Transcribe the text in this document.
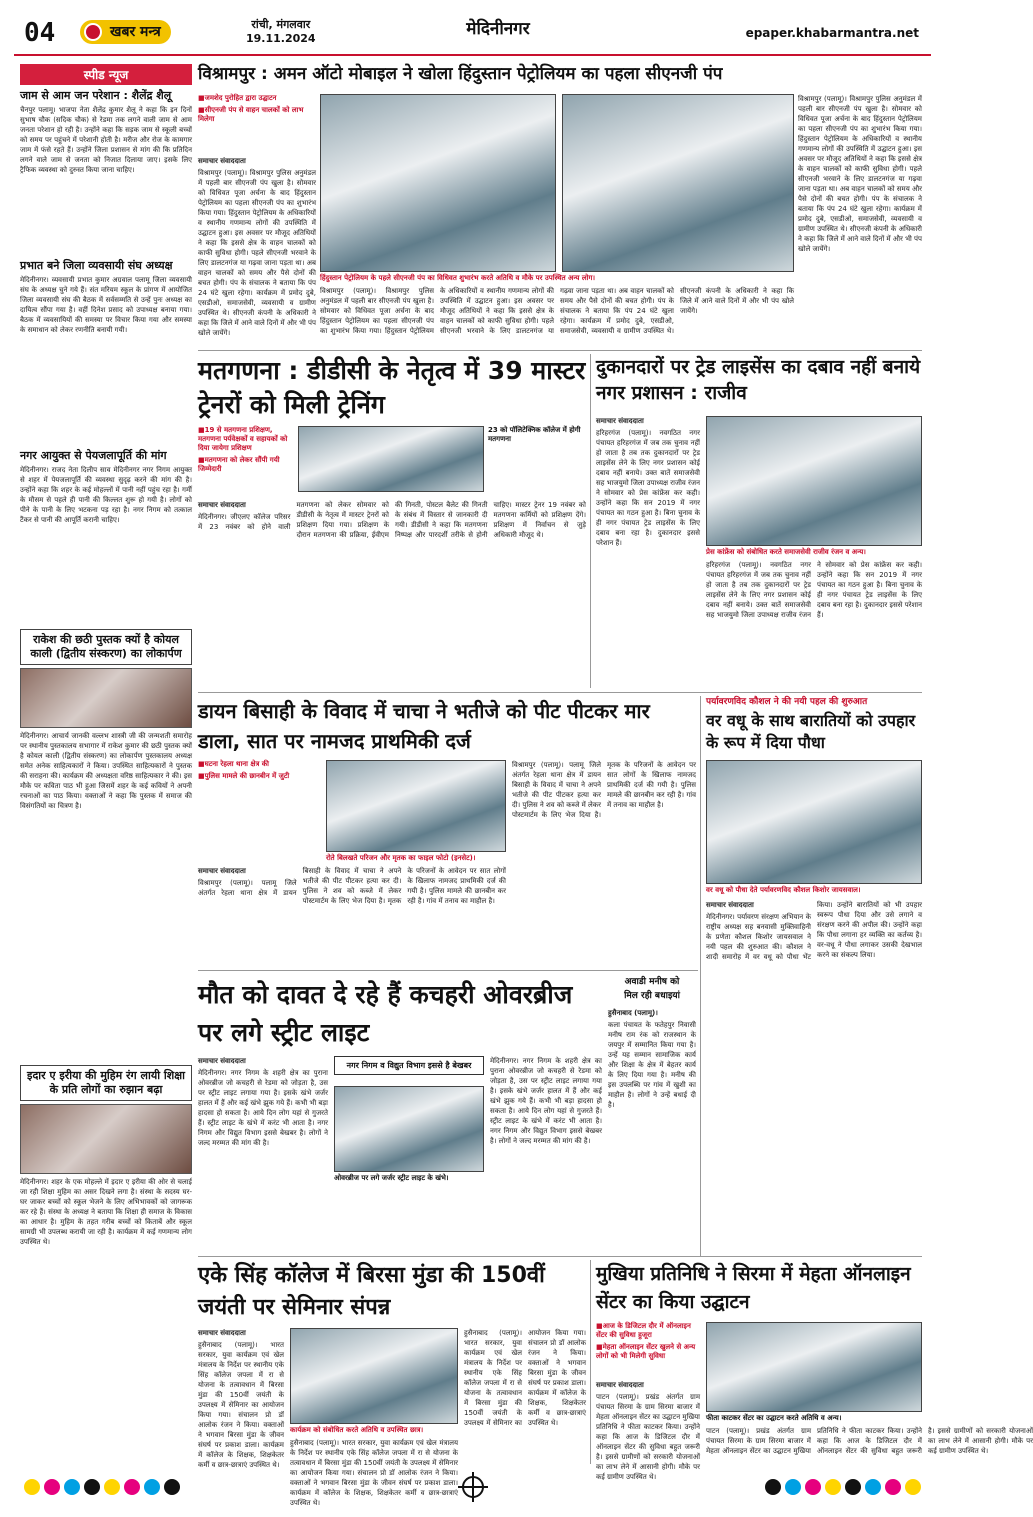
04	खबर मन्त्र	रांची, मंगलवार
19.11.2024	मेदिनीनगर	epaper.khabarmantra.net
स्पीड न्यूज
जाम से आम जन परेशान : शैलेंद्र शैलू
चैनपुर पलामू। भाजपा नेता शैलेंद्र कुमार शैलू ने कहा कि इन दिनों सुभाष चौक (सदिक चौक) से रेडमा तक लगने वाली जाम से आम जनता परेशान हो रही है। उन्होंने कहा कि सड़क जाम से स्कूली बच्चों को समय पर पहुंचने में परेशानी होती है। मरीज और रोज के कामगार जाम में फंसे रहते हैं। उन्होंने जिला प्रशासन से मांग की कि प्रतिदिन लगने वाले जाम से जनता को निजात दिलाया जाए। इसके लिए ट्रैफिक व्यवस्था को दुरुस्त किया जाना चाहिए।
प्रभात बने जिला व्यवसायी संघ अध्यक्ष
मेदिनीनगर। व्यवसायी प्रभात कुमार अग्रवाल पलामू जिला व्यवसायी संघ के अध्यक्ष चुने गये हैं। संत मरियम स्कूल के प्रांगण में आयोजित जिला व्यवसायी संघ की बैठक में सर्वसम्मति से उन्हें पुनः अध्यक्ष का दायित्व सौंपा गया है। वहीं दिनेश प्रसाद को उपाध्यक्ष बनाया गया। बैठक में व्यवसायियों की समस्या पर विचार किया गया और समस्या के समाधान को लेकर रणनीति बनायी गयी।
नगर आयुक्त से पेयजलापूर्ति की मांग
मेदिनीनगर। राजद नेता दिलीप साव मेदिनीनगर नगर निगम आयुक्त से शहर में पेयजलापूर्ति की व्यवस्था सुदृढ़ करने की मांग की है। उन्होंने कहा कि शहर के कई मोहल्लों में पानी नहीं पहुंच रहा है। गर्मी के मौसम से पहले ही पानी की किल्लत शुरू हो गयी है। लोगों को पीने के पानी के लिए भटकना पड़ रहा है। नगर निगम को तत्काल टैंकर से पानी की आपूर्ति करानी चाहिए।
राकेश की छठी पुस्तक क्यों है कोयल काली (द्वितीय संस्करण) का लोकार्पण
मेदिनीनगर। आचार्य जानकी वल्लभ शास्त्री जी की जन्मशती समारोह पर स्थानीय पुस्तकालय सभागार में राकेश कुमार की छठी पुस्तक क्यों है कोयल काली (द्वितीय संस्करण) का लोकार्पण पुस्तकालय अध्यक्ष समेत अनेक साहित्यकारों ने किया। उपस्थित साहित्यकारों ने पुस्तक की सराहना की। कार्यक्रम की अध्यक्षता वरिष्ठ साहित्यकार ने की। इस मौके पर कविता पाठ भी हुआ जिसमें शहर के कई कवियों ने अपनी रचनाओं का पाठ किया। वक्ताओं ने कहा कि पुस्तक में समाज की विसंगतियों का चित्रण है।
इदार ए इरीया की मुहिम रंग लायी शिक्षा के प्रति लोगों का रुझान बढ़ा
मेदिनीनगर। शहर के एक मोहल्ले में इदार ए इरीया की ओर से चलाई जा रही शिक्षा मुहिम का असर दिखने लगा है। संस्था के सदस्य घर-घर जाकर बच्चों को स्कूल भेजने के लिए अभिभावकों को जागरूक कर रहे हैं। संस्था के अध्यक्ष ने बताया कि शिक्षा ही समाज के विकास का आधार है। मुहिम के तहत गरीब बच्चों को किताबें और स्कूल सामग्री भी उपलब्ध करायी जा रही है। कार्यक्रम में कई गणमान्य लोग उपस्थित थे।
विश्रामपुर : अमन ऑटो मोबाइल ने खोला हिंदुस्तान पेट्रोलियम का पहला सीएनजी पंप
■ जमशेद पुरोहित द्वारा उद्घाटन
■ सीएनजी पंप से वाहन चालकों को लाभ मिलेगा
समाचार संवाददाता
विश्रामपुर (पलामू)। विश्रामपुर पुलिस अनुमंडल में पहली बार सीएनजी पंप खुला है। सोमवार को विधिवत पूजा अर्चना के बाद हिंदुस्तान पेट्रोलियम का पहला सीएनजी पंप का शुभारंभ किया गया। हिंदुस्तान पेट्रोलियम के अधिकारियों व स्थानीय गणमान्य लोगों की उपस्थिति में उद्घाटन हुआ। इस अवसर पर मौजूद अतिथियों ने कहा कि इससे क्षेत्र के वाहन चालकों को काफी सुविधा होगी। पहले सीएनजी भरवाने के लिए डालटनगंज या गढ़वा जाना पड़ता था। अब वाहन चालकों को समय और पैसे दोनों की बचत होगी। पंप के संचालक ने बताया कि पंप 24 घंटे खुला रहेगा। कार्यक्रम में प्रमोद दुबे, एसडीओ, समाजसेवी, व्यवसायी व ग्रामीण उपस्थित थे। सीएनजी कंपनी के अधिकारी ने कहा कि जिले में आने वाले दिनों में और भी पंप खोले जायेंगे।
हिंदुस्तान पेट्रोलियम के पहले सीएनजी पंप का विधिवत शुभारंभ करते अतिथि व मौके पर उपस्थित अन्य लोग।
विश्रामपुर (पलामू)। विश्रामपुर पुलिस अनुमंडल में पहली बार सीएनजी पंप खुला है। सोमवार को विधिवत पूजा अर्चना के बाद हिंदुस्तान पेट्रोलियम का पहला सीएनजी पंप का शुभारंभ किया गया। हिंदुस्तान पेट्रोलियम के अधिकारियों व स्थानीय गणमान्य लोगों की उपस्थिति में उद्घाटन हुआ। इस अवसर पर मौजूद अतिथियों ने कहा कि इससे क्षेत्र के वाहन चालकों को काफी सुविधा होगी। पहले सीएनजी भरवाने के लिए डालटनगंज या गढ़वा जाना पड़ता था। अब वाहन चालकों को समय और पैसे दोनों की बचत होगी। पंप के संचालक ने बताया कि पंप 24 घंटे खुला रहेगा। कार्यक्रम में प्रमोद दुबे, एसडीओ, समाजसेवी, व्यवसायी व ग्रामीण उपस्थित थे। सीएनजी कंपनी के अधिकारी ने कहा कि जिले में आने वाले दिनों में और भी पंप खोले जायेंगे।
विश्रामपुर (पलामू)। विश्रामपुर पुलिस अनुमंडल में पहली बार सीएनजी पंप खुला है। सोमवार को विधिवत पूजा अर्चना के बाद हिंदुस्तान पेट्रोलियम का पहला सीएनजी पंप का शुभारंभ किया गया। हिंदुस्तान पेट्रोलियम के अधिकारियों व स्थानीय गणमान्य लोगों की उपस्थिति में उद्घाटन हुआ। इस अवसर पर मौजूद अतिथियों ने कहा कि इससे क्षेत्र के वाहन चालकों को काफी सुविधा होगी। पहले सीएनजी भरवाने के लिए डालटनगंज या गढ़वा जाना पड़ता था। अब वाहन चालकों को समय और पैसे दोनों की बचत होगी। पंप के संचालक ने बताया कि पंप 24 घंटे खुला रहेगा। कार्यक्रम में प्रमोद दुबे, एसडीओ, समाजसेवी, व्यवसायी व ग्रामीण उपस्थित थे। सीएनजी कंपनी के अधिकारी ने कहा कि जिले में आने वाले दिनों में और भी पंप खोले जायेंगे।
मतगणना : डीडीसी के नेतृत्व में 39 मास्टर ट्रेनरों को मिली ट्रेनिंग
■ 19 से मतगणना प्रशिक्षण, मतगणना पर्यवेक्षकों व सहायकों को दिया जायेगा प्रशिक्षण
■ मतगणना को लेकर सौंपी गयी जिम्मेदारी
23 को पॉलिटेक्निक कॉलेज में होगी मतगणना
समाचार संवाददाता
मेदिनीनगर। जीएलए कॉलेज परिसर में 23 नवंबर को होने वाली मतगणना को लेकर सोमवार को डीडीसी के नेतृत्व में मास्टर ट्रेनरों को प्रशिक्षण दिया गया। प्रशिक्षण के दौरान मतगणना की प्रक्रिया, ईवीएम की गिनती, पोस्टल बैलेट की गिनती के संबंध में विस्तार से जानकारी दी गयी। डीडीसी ने कहा कि मतगणना निष्पक्ष और पारदर्शी तरीके से होनी चाहिए। मास्टर ट्रेनर 19 नवंबर को मतगणना कर्मियों को प्रशिक्षण देंगे। प्रशिक्षण में निर्वाचन से जुड़े अधिकारी मौजूद थे।
दुकानदारों पर ट्रेड लाइसेंस का दबाव नहीं बनाये नगर प्रशासन : राजीव
समाचार संवाददाता
हरिहरगंज (पलामू)। नवगठित नगर पंचायत हरिहरगंज में जब तक चुनाव नहीं हो जाता है तब तक दुकानदारों पर ट्रेड लाइसेंस लेने के लिए नगर प्रशासन कोई दबाव नहीं बनाये। उक्त बातें समाजसेवी सह भाजयुमो जिला उपाध्यक्ष राजीव रंजन ने सोमवार को प्रेस कांफ्रेंस कर कही। उन्होंने कहा कि सन 2019 में नगर पंचायत का गठन हुआ है। बिना चुनाव के ही नगर पंचायत ट्रेड लाइसेंस के लिए दबाव बना रहा है। दुकानदार इससे परेशान हैं।
प्रेस कांफ्रेंस को संबोधित करते समाजसेवी राजीव रंजन व अन्य।
हरिहरगंज (पलामू)। नवगठित नगर पंचायत हरिहरगंज में जब तक चुनाव नहीं हो जाता है तब तक दुकानदारों पर ट्रेड लाइसेंस लेने के लिए नगर प्रशासन कोई दबाव नहीं बनाये। उक्त बातें समाजसेवी सह भाजयुमो जिला उपाध्यक्ष राजीव रंजन ने सोमवार को प्रेस कांफ्रेंस कर कही। उन्होंने कहा कि सन 2019 में नगर पंचायत का गठन हुआ है। बिना चुनाव के ही नगर पंचायत ट्रेड लाइसेंस के लिए दबाव बना रहा है। दुकानदार इससे परेशान हैं।
डायन बिसाही के विवाद में चाचा ने भतीजे को पीट पीटकर मार डाला, सात पर नामजद प्राथमिकी दर्ज
■ घटना रेहला थाना क्षेत्र की
■ पुलिस मामले की छानबीन में जुटी
रोते बिलखते परिजन और मृतक का फाइल फोटो (इनसेट)।
समाचार संवाददाता
विश्रामपुर (पलामू)। पलामू जिले अंतर्गत रेहला थाना क्षेत्र में डायन बिसाही के विवाद में चाचा ने अपने भतीजे की पीट पीटकर हत्या कर दी। पुलिस ने शव को कब्जे में लेकर पोस्टमार्टम के लिए भेज दिया है। मृतक के परिजनों के आवेदन पर सात लोगों के खिलाफ नामजद प्राथमिकी दर्ज की गयी है। पुलिस मामले की छानबीन कर रही है। गांव में तनाव का माहौल है।
विश्रामपुर (पलामू)। पलामू जिले अंतर्गत रेहला थाना क्षेत्र में डायन बिसाही के विवाद में चाचा ने अपने भतीजे की पीट पीटकर हत्या कर दी। पुलिस ने शव को कब्जे में लेकर पोस्टमार्टम के लिए भेज दिया है। मृतक के परिजनों के आवेदन पर सात लोगों के खिलाफ नामजद प्राथमिकी दर्ज की गयी है। पुलिस मामले की छानबीन कर रही है। गांव में तनाव का माहौल है।
पर्यावरणविद कौशल ने की नयी पहल की शुरुआत
वर वधू के साथ बारातियों को उपहार के रूप में दिया पौधा
वर वधू को पौधा देते पर्यावरणविद कौशल किशोर जायसवाल।
समाचार संवाददाता
मेदिनीनगर। पर्यावरण संरक्षण अभियान के राष्ट्रीय अध्यक्ष सह बनवासी मुक्तिवाहिनी के प्रणेता कौशल किशोर जायसवाल ने नयी पहल की शुरुआत की। कौशल ने शादी समारोह में वर वधू को पौधा भेंट किया। उन्होंने बारातियों को भी उपहार स्वरूप पौधा दिया और उसे लगाने व संरक्षण करने की अपील की। उन्होंने कहा कि पौधा लगाना हर व्यक्ति का कर्तव्य है। वर-वधू ने पौधा लगाकर उसकी देखभाल करने का संकल्प लिया।
मौत को दावत दे रहे हैं कचहरी ओवरब्रीज पर लगे स्ट्रीट लाइट
नगर निगम व विद्युत विभाग इससे है बेखबर
ओवरब्रीज पर लगे जर्जर स्ट्रीट लाइट के खंभे।
समाचार संवाददाता
मेदिनीनगर। नगर निगम के शहरी क्षेत्र का पुराना ओवरब्रीज जो कचहरी से रेडमा को जोड़ता है, उस पर स्ट्रीट लाइट लगाया गया है। इसके खंभे जर्जर हालत में हैं और कई खंभे झुक गये हैं। कभी भी बड़ा हादसा हो सकता है। आये दिन लोग यहां से गुजरते हैं। स्ट्रीट लाइट के खंभे में करंट भी आता है। नगर निगम और विद्युत विभाग इससे बेखबर है। लोगों ने जल्द मरम्मत की मांग की है।
मेदिनीनगर। नगर निगम के शहरी क्षेत्र का पुराना ओवरब्रीज जो कचहरी से रेडमा को जोड़ता है, उस पर स्ट्रीट लाइट लगाया गया है। इसके खंभे जर्जर हालत में हैं और कई खंभे झुक गये हैं। कभी भी बड़ा हादसा हो सकता है। आये दिन लोग यहां से गुजरते हैं। स्ट्रीट लाइट के खंभे में करंट भी आता है। नगर निगम और विद्युत विभाग इससे बेखबर है। लोगों ने जल्द मरम्मत की मांग की है।
अवाडी मनीष को
मिल रही बधाइयां
हुसैनाबाद (पलामू)।
कला पंचायत के फतेहपुर निवासी मनीष राम रंक को राजस्थान के जयपुर में सम्मानित किया गया है। उन्हें यह सम्मान सामाजिक कार्य और शिक्षा के क्षेत्र में बेहतर कार्य के लिए दिया गया है। मनीष की इस उपलब्धि पर गांव में खुशी का माहौल है। लोगों ने उन्हें बधाई दी है।
एके सिंह कॉलेज में बिरसा मुंडा की 150वीं जयंती पर सेमिनार संपन्न
समाचार संवाददाता
हुसैनाबाद (पलामू)। भारत सरकार, युवा कार्यक्रम एवं खेल मंत्रालय के निर्देश पर स्थानीय एके सिंह कॉलेज जपला में रा से योजना के तत्वावधान में बिरसा मुंडा की 150वीं जयंती के उपलक्ष्य में सेमिनार का आयोजन किया गया। संचालन प्रो डॉ आलोक रंजन ने किया। वक्ताओं ने भगवान बिरसा मुंडा के जीवन संघर्ष पर प्रकाश डाला। कार्यक्रम में कॉलेज के शिक्षक, शिक्षकेतर कर्मी व छात्र-छात्राएं उपस्थित थे।
कार्यक्रम को संबोधित करते अतिथि व उपस्थित छात्र।
हुसैनाबाद (पलामू)। भारत सरकार, युवा कार्यक्रम एवं खेल मंत्रालय के निर्देश पर स्थानीय एके सिंह कॉलेज जपला में रा से योजना के तत्वावधान में बिरसा मुंडा की 150वीं जयंती के उपलक्ष्य में सेमिनार का आयोजन किया गया। संचालन प्रो डॉ आलोक रंजन ने किया। वक्ताओं ने भगवान बिरसा मुंडा के जीवन संघर्ष पर प्रकाश डाला। कार्यक्रम में कॉलेज के शिक्षक, शिक्षकेतर कर्मी व छात्र-छात्राएं उपस्थित थे।
हुसैनाबाद (पलामू)। भारत सरकार, युवा कार्यक्रम एवं खेल मंत्रालय के निर्देश पर स्थानीय एके सिंह कॉलेज जपला में रा से योजना के तत्वावधान में बिरसा मुंडा की 150वीं जयंती के उपलक्ष्य में सेमिनार का आयोजन किया गया। संचालन प्रो डॉ आलोक रंजन ने किया। वक्ताओं ने भगवान बिरसा मुंडा के जीवन संघर्ष पर प्रकाश डाला। कार्यक्रम में कॉलेज के शिक्षक, शिक्षकेतर कर्मी व छात्र-छात्राएं उपस्थित थे।
मुखिया प्रतिनिधि ने सिरमा में मेहता ऑनलाइन सेंटर का किया उद्घाटन
■ आज के डिजिटल दौर में ऑनलाइन सेंटर की सुविधा हुजूरा
■ मेहता ऑनलाइन सेंटर खुलने से अन्य लोगों को भी मिलेगी सुविधा
समाचार संवाददाता
पाटन (पलामू)। प्रखंड अंतर्गत ग्राम पंचायत सिरमा के ग्राम सिरमा बाजार में मेहता ऑनलाइन सेंटर का उद्घाटन मुखिया प्रतिनिधि ने फीता काटकर किया। उन्होंने कहा कि आज के डिजिटल दौर में ऑनलाइन सेंटर की सुविधा बहुत जरूरी है। इससे ग्रामीणों को सरकारी योजनाओं का लाभ लेने में आसानी होगी। मौके पर कई ग्रामीण उपस्थित थे।
फीता काटकर सेंटर का उद्घाटन करते अतिथि व अन्य।
पाटन (पलामू)। प्रखंड अंतर्गत ग्राम पंचायत सिरमा के ग्राम सिरमा बाजार में मेहता ऑनलाइन सेंटर का उद्घाटन मुखिया प्रतिनिधि ने फीता काटकर किया। उन्होंने कहा कि आज के डिजिटल दौर में ऑनलाइन सेंटर की सुविधा बहुत जरूरी है। इससे ग्रामीणों को सरकारी योजनाओं का लाभ लेने में आसानी होगी। मौके पर कई ग्रामीण उपस्थित थे।
